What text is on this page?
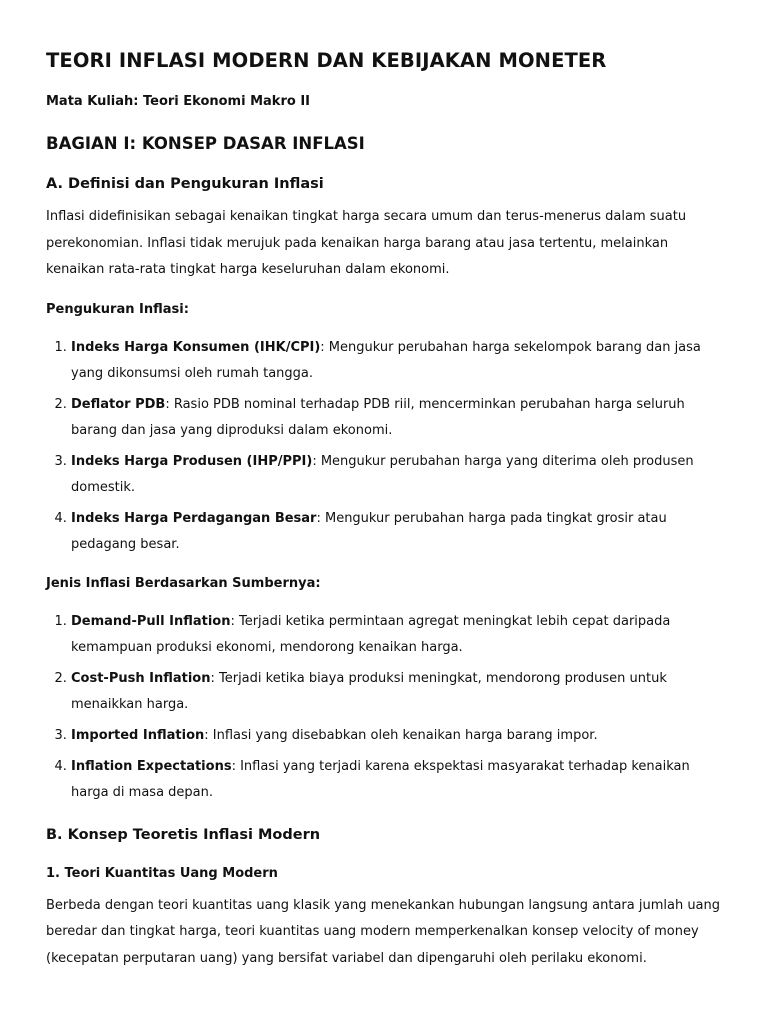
TEORI INFLASI MODERN DAN KEBIJAKAN MONETER
Mata Kuliah: Teori Ekonomi Makro II
BAGIAN I: KONSEP DASAR INFLASI
A. Definisi dan Pengukuran Inflasi

Inflasi didefinisikan sebagai kenaikan tingkat harga secara umum dan terus-menerus dalam suatu perekonomian. Inflasi tidak merujuk pada kenaikan harga barang atau jasa tertentu, melainkan kenaikan rata-rata tingkat harga keseluruhan dalam ekonomi.

Pengukuran Inflasi:
1. Indeks Harga Konsumen (IHK/CPI): Mengukur perubahan harga sekelompok barang dan jasa yang dikonsumsi oleh rumah tangga.
2. Deflator PDB: Rasio PDB nominal terhadap PDB riil, mencerminkan perubahan harga seluruh barang dan jasa yang diproduksi dalam ekonomi.
3. Indeks Harga Produsen (IHP/PPI): Mengukur perubahan harga yang diterima oleh produsen domestik.
4. Indeks Harga Perdagangan Besar: Mengukur perubahan harga pada tingkat grosir atau pedagang besar.
Jenis Inflasi Berdasarkan Sumbernya:
1. Demand-Pull Inflation: Terjadi ketika permintaan agregat meningkat lebih cepat daripada kemampuan produksi ekonomi, mendorong kenaikan harga.
2. Cost-Push Inflation: Terjadi ketika biaya produksi meningkat, mendorong produsen untuk menaikkan harga.
3. Imported Inflation: Inflasi yang disebabkan oleh kenaikan harga barang impor.
4. Inflation Expectations: Inflasi yang terjadi karena ekspektasi masyarakat terhadap kenaikan harga di masa depan.
B. Konsep Teoretis Inflasi Modern
1. Teori Kuantitas Uang Modern

Berbeda dengan teori kuantitas uang klasik yang menekankan hubungan langsung antara jumlah uang beredar dan tingkat harga, teori kuantitas uang modern memperkenalkan konsep velocity of money (kecepatan perputaran uang) yang bersifat variabel dan dipengaruhi oleh perilaku ekonomi.
